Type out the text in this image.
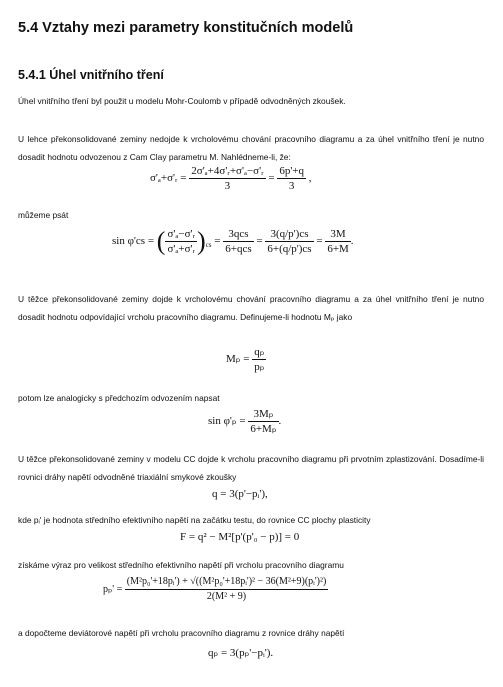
5.4 Vztahy mezi parametry konstitučních modelů
5.4.1 Úhel vnitřního tření
Úhel vnitřního tření byl použit u modelu Mohr-Coulomb v případě odvodněných zkoušek.
U lehce překonsolidované zeminy nedojde k vrcholovému chování pracovního diagramu a za úhel vnitřního tření je nutno dosadit hodnotu odvozenou z Cam Clay parametru M. Nahlédneme-li, že:
σ'ₐ+σ'ᵣ = $\frac{\text{2σ'ₐ+4σ'ᵣ+σ'ₐ−σ'ᵣ}}{3} = \frac{6p'+q}{3}$ ,
můžeme psát
sin φ'cs = ( $\frac{\text{σ'ₐ−σ'ᵣ}}{\text{σ'ₐ+σ'ᵣ}} )_{cs} = \frac{\text{3qcs}}{\text{6+qcs}} = \frac{3(q/p')cs}{6+(q/p')cs} = \frac{3M}{6+M}$ .
U těžce překonsolidované zeminy dojde k vrcholovému chování pracovního diagramu a za úhel vnitřního tření je nutno dosadit hodnotu odpovídající vrcholu pracovního diagramu. Definujeme-li hodnotu Mₚ jako
$M_p = \frac{\text{qₚ}}{\text{pₚ}}$
potom lze analogicky s předchozím odvozením napsat
$\sin \varphi'_p = \frac{\text{3Mₚ}}{\text{6+Mₚ}}$ .
U těžce překonsolidované zeminy v modelu CC dojde k vrcholu pracovního diagramu při prvotním zplastizování. Dosadíme-li rovnici dráhy napětí odvodněné triaxiální smykové zkoušky
q = 3(p'−pᵢ'),
kde pᵢ' je hodnota středního efektivního napětí na začátku testu, do rovnice CC plochy plasticity
F = q² − M²[p'(p'₀ − p)] = 0
získáme výraz pro velikost středního efektivního napětí při vrcholu pracovního diagramu
$p_p' = \frac{\text{(M²p₀'+18pᵢ') + √((M²p₀'+18pᵢ')² − 36(M²+9)(pᵢ')²)}}{\text{2(M² + 9)}}$
a dopočteme deviátorové napětí při vrcholu pracovního diagramu z rovnice dráhy napětí
qₚ = 3(pₚ'−pᵢ').
